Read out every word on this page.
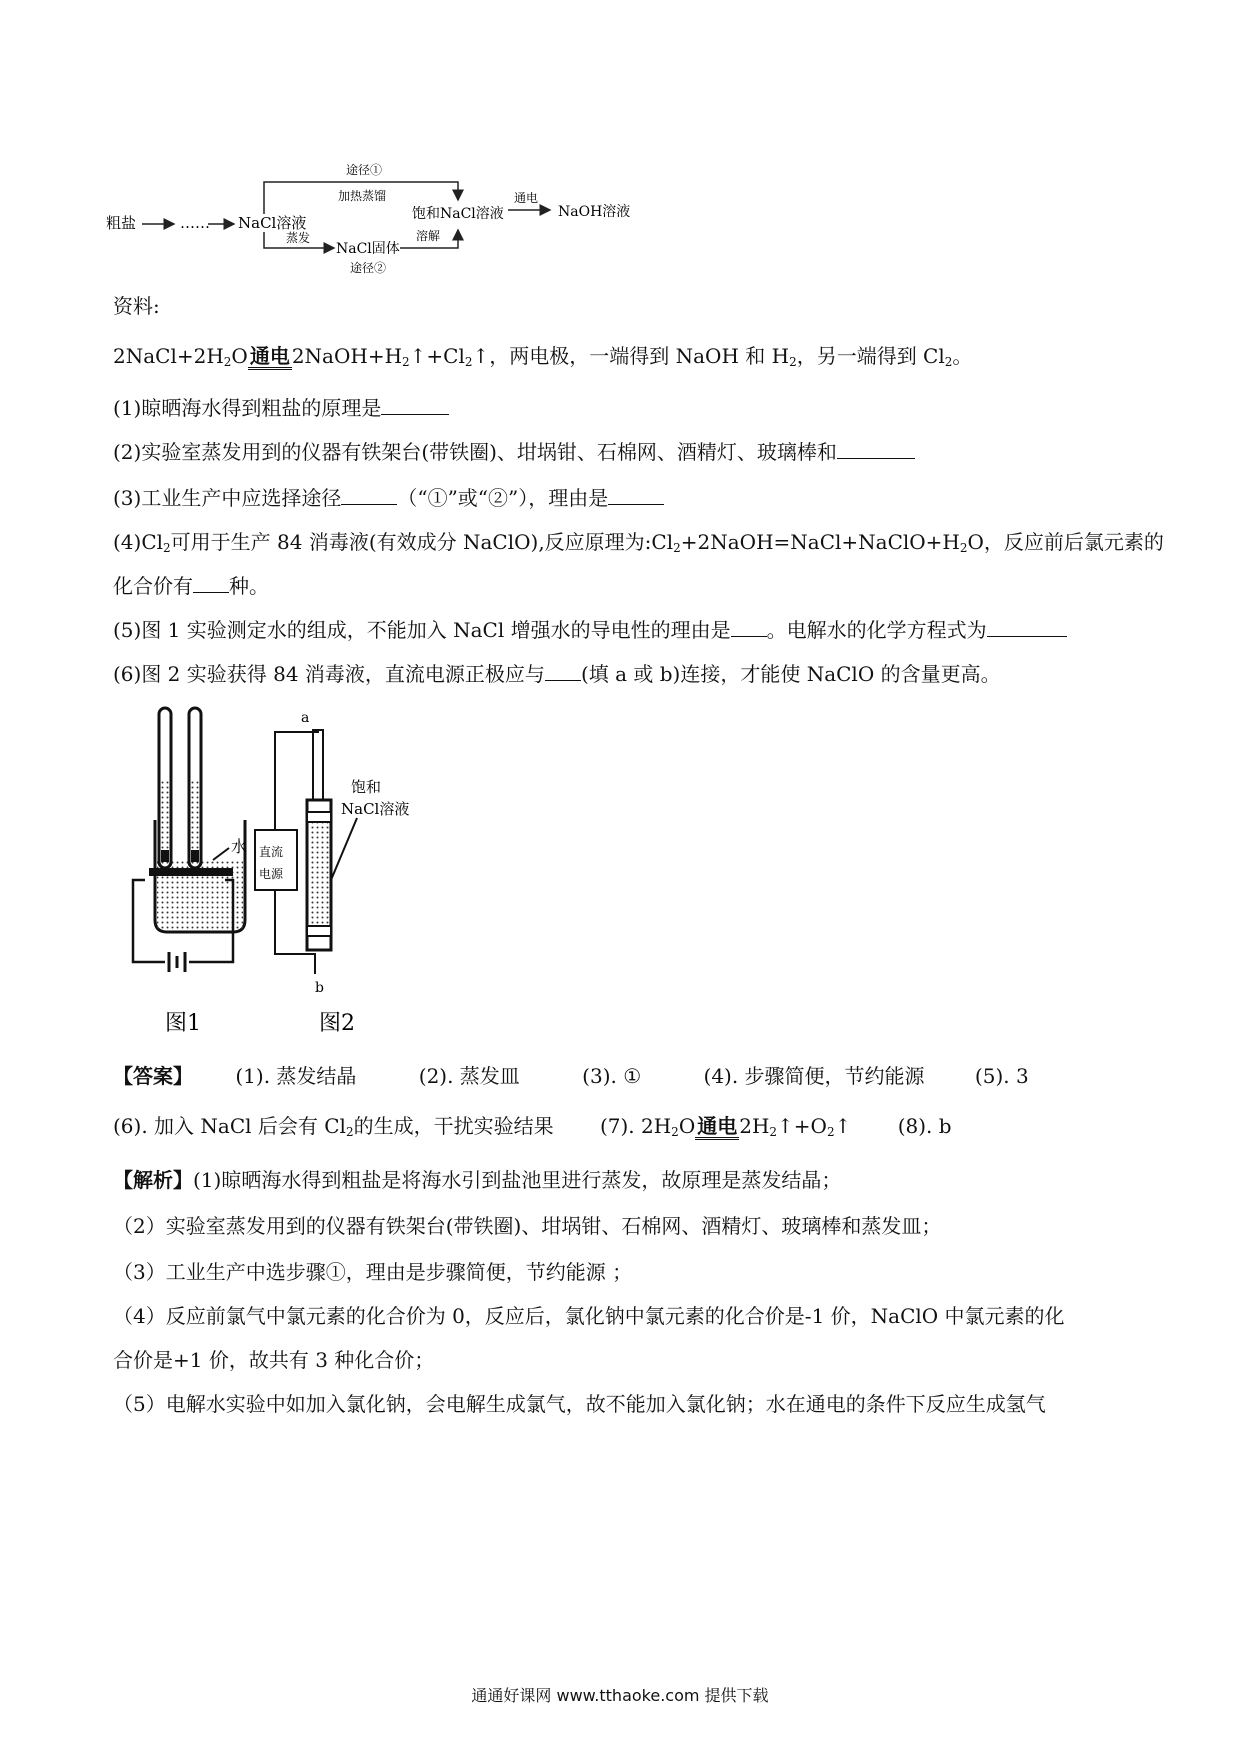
粗盐	…… NaCl溶液
途径①
加热蒸馏
蒸发
NaCl固体
溶解
途径②
饱和NaCl溶液
通电
NaOH溶液
资料:
$2NaCl+2H_2O$ 通电 $2NaOH+H_2↑+Cl_2↑$，两电极，一端得到 NaOH 和 $H_2$，另一端得到 $Cl_2$。
(1)晾晒海水得到粗盐的原理是
(2)实验室蒸发用到的仪器有铁架台(带铁圈)、坩埚钳、石棉网、酒精灯、玻璃棒和
(3)工业生产中应选择途径	（“①”或“②”），理由是
$(4)Cl_2$可用于生产 84 消毒液(有效成分 NaClO),反应原理为$:Cl_2+2NaOH=NaCl+NaClO+H_2O$，反应前后氯元素的
化合价有 种。
(5)图 1 实验测定水的组成，不能加入 NaCl 增强水的导电性的理由是 。电解水的化学方程式为
(6)图 2 实验获得 84 消毒液，直流电源正极应与 (填 a 或 b)连接，才能使 NaClO 的含量更高。
水
图1
a
b
直流
电源
饱和
NaCl溶液
图2
【答案】 (1). 蒸发结晶	(2). 蒸发皿	(3). ①	(4). 步骤简便，节约能源	(5). 3
(6). 加入 NaCl 后会有 $Cl_2$的生成，干扰实验结果 (7). $2H_2O$ 通电 $2H_2↑+O_2↑$ (8). b
【解析】(1)晾晒海水得到粗盐是将海水引到盐池里进行蒸发，故原理是蒸发结晶；
（2）实验室蒸发用到的仪器有铁架台(带铁圈)、坩埚钳、石棉网、酒精灯、玻璃棒和蒸发皿；
（3）工业生产中选步骤①，理由是步骤简便，节约能源 ；
（4）反应前氯气中氯元素的化合价为 0，反应后，氯化钠中氯元素的化合价是-1 价，NaClO 中氯元素的化
合价是+1 价，故共有 3 种化合价；
（5）电解水实验中如加入氯化钠，会电解生成氯气，故不能加入氯化钠；水在通电的条件下反应生成氢气
通通好课网 www.tthaoke.com 提供下载
